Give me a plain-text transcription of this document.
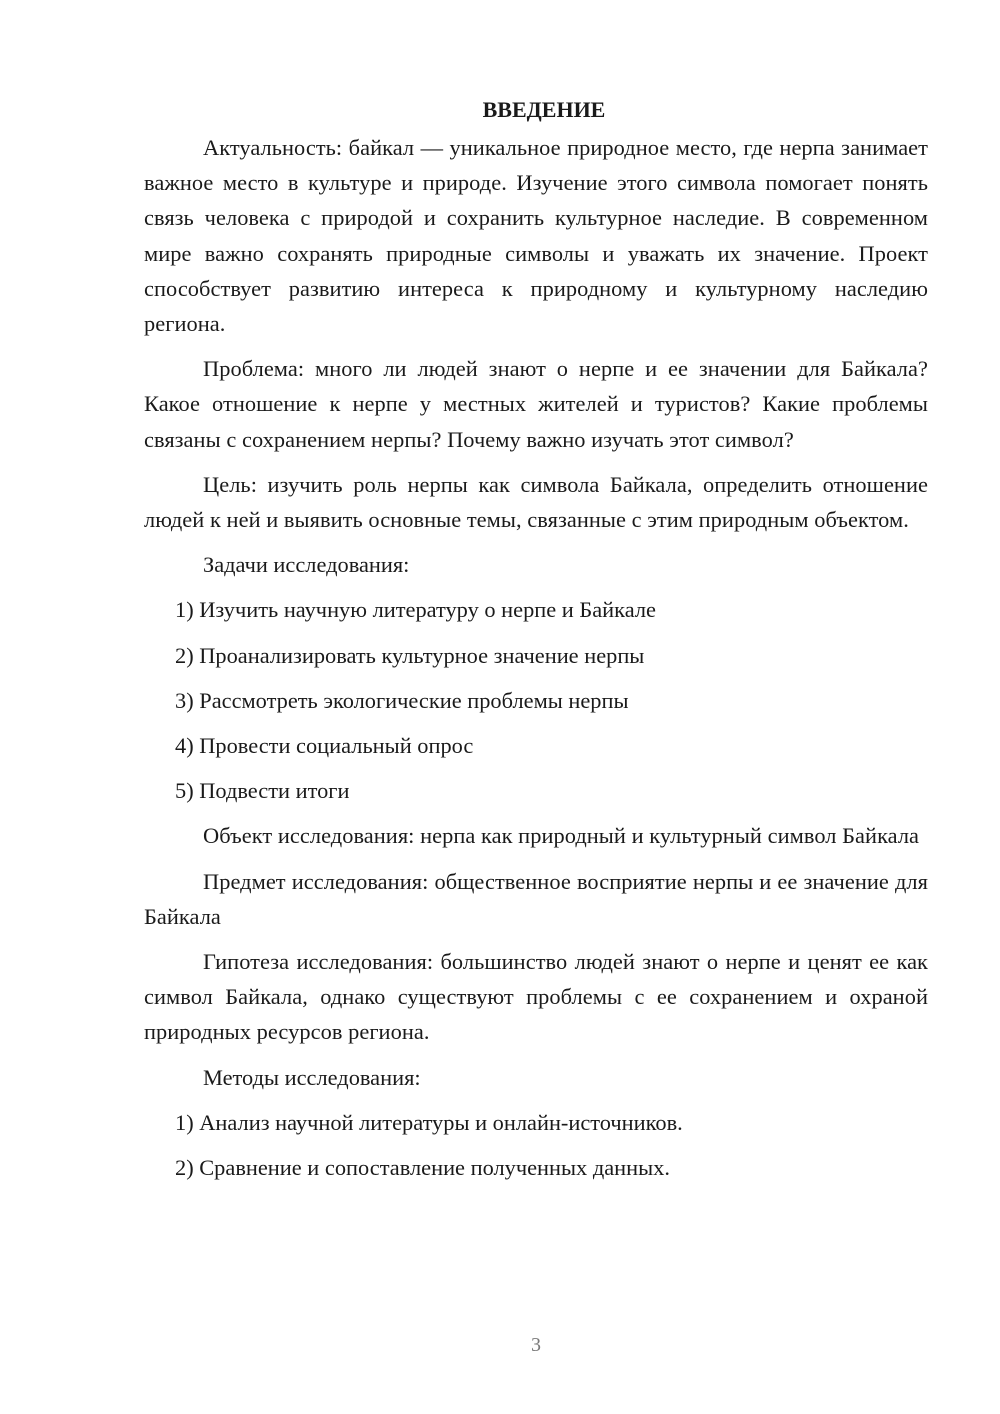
ВВЕДЕНИЕ

Актуальность: байкал — уникальное природное место, где нерпа занимает важное место в культуре и природе. Изучение этого символа помогает понять связь человека с природой и сохранить культурное наследие. В современном мире важно сохранять природные символы и уважать их значение. Проект способствует развитию интереса к природному и культурному наследию региона.

Проблема: много ли людей знают о нерпе и ее значении для Байкала? Какое отношение к нерпе у местных жителей и туристов? Какие проблемы связаны с сохранением нерпы? Почему важно изучать этот символ?

Цель: изучить роль нерпы как символа Байкала, определить отношение людей к ней и выявить основные темы, связанные с этим природным объектом.

Задачи исследования:

1) Изучить научную литературу о нерпе и Байкале

2) Проанализировать культурное значение нерпы

3) Рассмотреть экологические проблемы нерпы

4) Провести социальный опрос

5) Подвести итоги

Объект исследования: нерпа как природный и культурный символ Байкала

Предмет исследования: общественное восприятие нерпы и ее значение для Байкала

Гипотеза исследования: большинство людей знают о нерпе и ценят ее как символ Байкала, однако существуют проблемы с ее сохранением и охраной природных ресурсов региона.

Методы исследования:

1) Анализ научной литературы и онлайн-источников.

2) Сравнение и сопоставление полученных данных.

3
